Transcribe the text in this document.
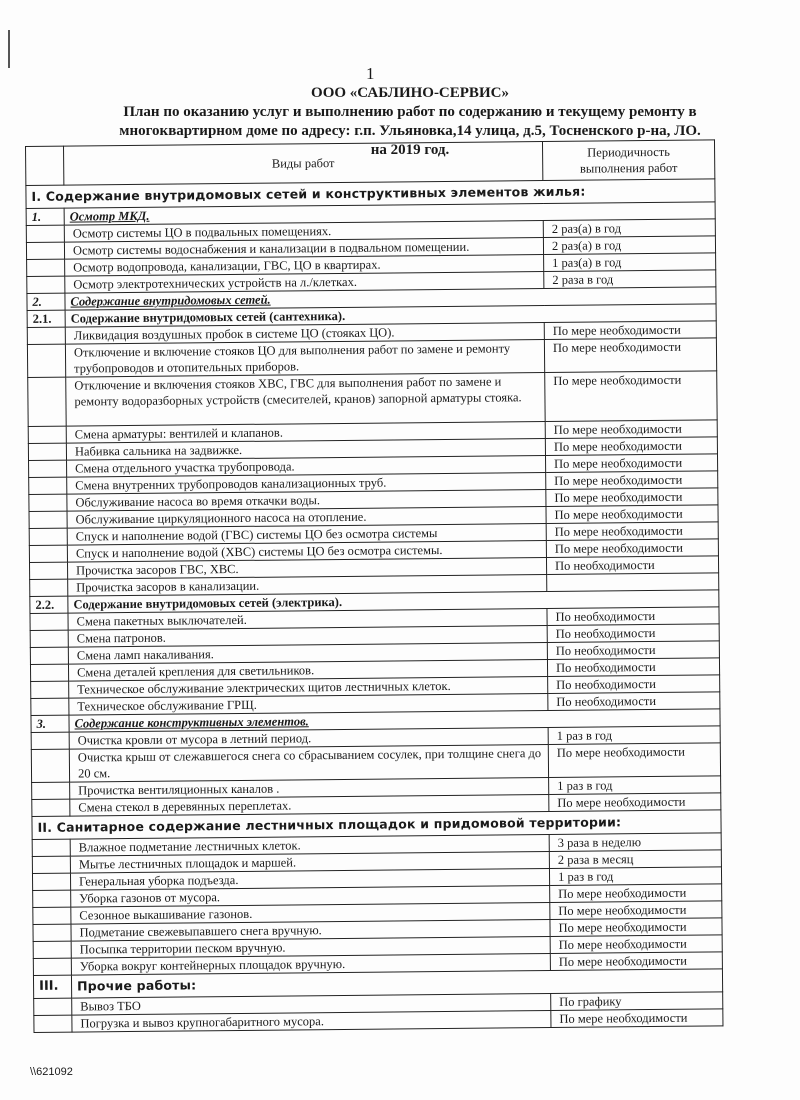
1
ООО «САБЛИНО-СЕРВИС»
План по оказанию услуг и выполнению работ по содержанию и текущему ремонту в
многоквартирном доме по адресу: г.п. Ульяновка,14 улица, д.5, Тосненского р-на, ЛО.
на 2019 год.
	Виды работ	Периодичность
выполнения работ

I. Содержание внутридомовых сетей и конструктивных элементов жилья:		
1.	Осмотр МКД.	
	Осмотр системы ЦО в подвальных помещениях.	2 раз(а) в год
	Осмотр системы водоснабжения и канализации в подвальном помещении.	2 раз(а) в год
	Осмотр водопровода, канализации, ГВС, ЦО в квартирах.	1 раз(а) в год
	Осмотр электротехнических устройств на л./клетках.	2 раза в год
2.	Содержание внутридомовых сетей.	
2.1.	Содержание внутридомовых сетей (сантехника).	
	Ликвидация воздушных пробок в системе ЦО (стояках ЦО).	По мере необходимости
	Отключение и включение стояков ЦО для выполнения работ по замене и ремонту трубопроводов и отопительных приборов.	По мере необходимости
	Отключение и включения стояков ХВС, ГВС для выполнения работ по замене и ремонту водоразборных устройств (смесителей, кранов) запорной арматуры стояка.	По мере необходимости
	Смена арматуры: вентилей и клапанов.	По мере необходимости
	Набивка сальника на задвижке.	По мере необходимости
	Смена отдельного участка трубопровода.	По мере необходимости
	Смена внутренних трубопроводов канализационных труб.	По мере необходимости
	Обслуживание насоса во время откачки воды.	По мере необходимости
	Обслуживание циркуляционного насоса на отопление.	По мере необходимости
	Спуск и наполнение водой (ГВС) системы ЦО без осмотра системы	По мере необходимости
	Спуск и наполнение водой (ХВС) системы ЦО без осмотра системы.	По мере необходимости
	Прочистка засоров ГВС, ХВС.	По необходимости
	Прочистка засоров в канализации.	
2.2.	Содержание внутридомовых сетей (электрика).	
	Смена пакетных выключателей.	По необходимости
	Смена патронов.	По необходимости
	Смена ламп накаливания.	По необходимости
	Смена деталей крепления для светильников.	По необходимости
	Техническое обслуживание электрических щитов лестничных клеток.	По необходимости
	Техническое обслуживание ГРЩ.	По необходимости
3.	Содержание конструктивных элементов.	
	Очистка кровли от мусора в летний период.	1 раз в год
	Очистка крыш от слежавшегося снега со сбрасыванием сосулек, при толщине снега до 20 см.	По мере необходимости
	Прочистка вентиляционных каналов .	1 раз в год
	Смена стекол в деревянных переплетах.	По мере необходимости
II. Санитарное содержание лестничных площадок и придомовой территории:		
	Влажное подметание лестничных клеток.	3 раза в неделю
	Мытье лестничных площадок и маршей.	2 раза в месяц
	Генеральная уборка подъезда.	1 раз в год
	Уборка газонов от мусора.	По мере необходимости
	Сезонное выкашивание газонов.	По мере необходимости
	Подметание свежевыпавшего снега вручную.	По мере необходимости
	Посыпка территории песком вручную.	По мере необходимости
	Уборка вокруг контейнерных площадок вручную.	По мере необходимости
III.	Прочие работы:	
	Вывоз ТБО	По графику
	Погрузка и вывоз крупногабаритного мусора.	По мере необходимости
\\621092
